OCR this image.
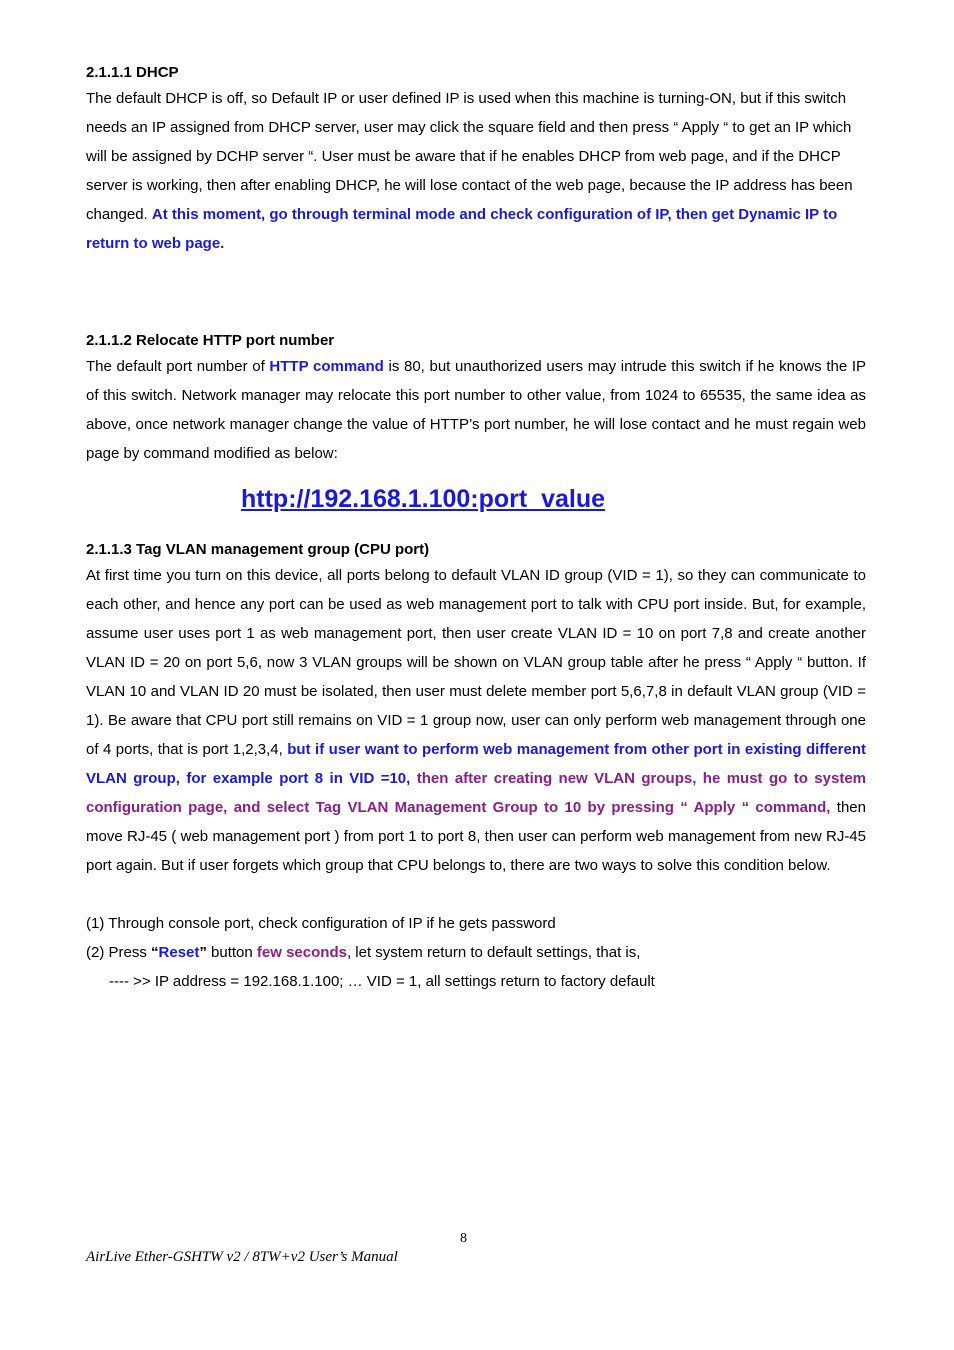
2.1.1.1 DHCP

The default DHCP is off, so Default IP or user defined IP is used when this machine is turning-ON, but if this switch needs an IP assigned from DHCP server, user may click the square field and then press “ Apply “ to get an IP which will be assigned by DCHP server “. User must be aware that if he enables DHCP from web page, and if the DHCP server is working, then after enabling DHCP, he will lose contact of the web page, because the IP address has been changed. At this moment, go through terminal mode and check configuration of IP, then get Dynamic IP to return to web page.

2.1.1.2 Relocate HTTP port number

The default port number of HTTP command is 80, but unauthorized users may intrude this switch if he knows the IP of this switch. Network manager may relocate this port number to other value, from 1024 to 65535, the same idea as above, once network manager change the value of HTTP’s port number, he will lose contact and he must regain web page by command modified as below:

http://192.168.1.100:port_value
2.1.1.3 Tag VLAN management group (CPU port)

At first time you turn on this device, all ports belong to default VLAN ID group (VID = 1), so they can communicate to each other, and hence any port can be used as web management port to talk with CPU port inside. But, for example, assume user uses port 1 as web management port, then user create VLAN ID = 10 on port 7,8 and create another VLAN ID = 20 on port 5,6, now 3 VLAN groups will be shown on VLAN group table after he press “ Apply “ button. If VLAN 10 and VLAN ID 20 must be isolated, then user must delete member port 5,6,7,8 in default VLAN group (VID = 1). Be aware that CPU port still remains on VID = 1 group now, user can only perform web management through one of 4 ports, that is port 1,2,3,4, but if user want to perform web management from other port in existing different VLAN group, for example port 8 in VID =10, then after creating new VLAN groups, he must go to system configuration page, and select Tag VLAN Management Group to 10 by pressing “ Apply “ command, then move RJ-45 ( web management port ) from port 1 to port 8, then user can perform web management from new RJ-45 port again. But if user forgets which group that CPU belongs to, there are two ways to solve this condition below.

(1) Through console port, check configuration of IP if he gets password

(2) Press “Reset” button few seconds, let system return to default settings, that is,

---- >> IP address = 192.168.1.100; … VID = 1, all settings return to factory default

8
AirLive Ether-GSHTW v2 / 8TW+v2 User’s Manual
